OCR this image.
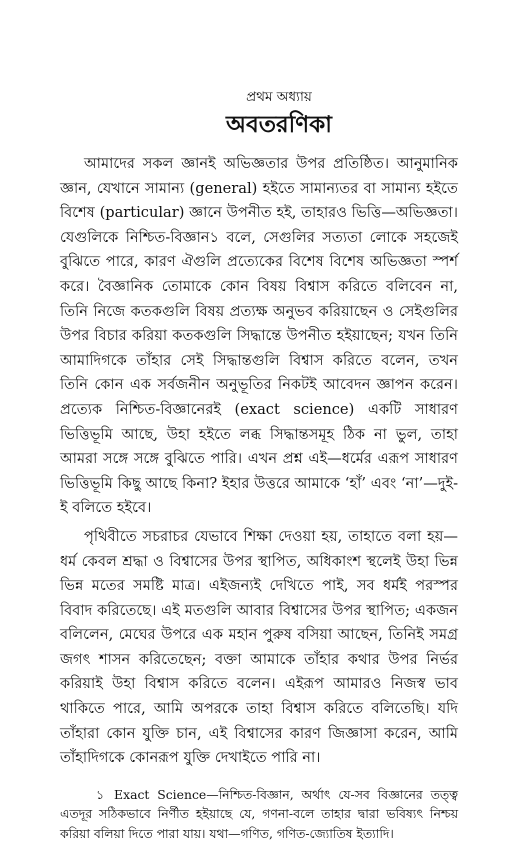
প্রথম অধ্যায়
অবতরণিকা

আমাদের সকল জ্ঞানই অভিজ্ঞতার উপর প্রতিষ্ঠিত। আনুমানিক জ্ঞান, যেখানে সামান্য (general) হইতে সামান্যতর বা সামান্য হইতে বিশেষ (particular) জ্ঞানে উপনীত হই, তাহারও ভিত্তি—অভিজ্ঞতা। যেগুলিকে নিশ্চিত-বিজ্ঞান১ বলে, সেগুলির সত্যতা লোকে সহজেই বুঝিতে পারে, কারণ ঐগুলি প্রত্যেকের বিশেষ বিশেষ অভিজ্ঞতা স্পর্শ করে। বৈজ্ঞানিক তোমাকে কোন বিষয় বিশ্বাস করিতে বলিবেন না, তিনি নিজে কতকগুলি বিষয় প্রত্যক্ষ অনুভব করিয়াছেন ও সেইগুলির উপর বিচার করিয়া কতকগুলি সিদ্ধান্তে উপনীত হইয়াছেন; যখন তিনি আমাদিগকে তাঁহার সেই সিদ্ধান্তগুলি বিশ্বাস করিতে বলেন, তখন তিনি কোন এক সর্বজনীন অনুভূতির নিকটই আবেদন জ্ঞাপন করেন। প্রত্যেক নিশ্চিত-বিজ্ঞানেরই (exact science) একটি সাধারণ ভিত্তিভূমি আছে, উহা হইতে লব্ধ সিদ্ধান্তসমূহ ঠিক না ভুল, তাহা আমরা সঙ্গে সঙ্গে বুঝিতে পারি। এখন প্রশ্ন এই—ধর্মের এরূপ সাধারণ ভিত্তিভূমি কিছু আছে কিনা? ইহার উত্তরে আমাকে ‘হাঁ’ এবং ‘না’—দুই-ই বলিতে হইবে।

পৃথিবীতে সচরাচর যেভাবে শিক্ষা দেওয়া হয়, তাহাতে বলা হয়—ধর্ম কেবল শ্রদ্ধা ও বিশ্বাসের উপর স্থাপিত, অধিকাংশ স্থলেই উহা ভিন্ন ভিন্ন মতের সমষ্টি মাত্র। এইজন্যই দেখিতে পাই, সব ধর্মই পরস্পর বিবাদ করিতেছে। এই মতগুলি আবার বিশ্বাসের উপর স্থাপিত; একজন বলিলেন, মেঘের উপরে এক মহান পুরুষ বসিয়া আছেন, তিনিই সমগ্র জগৎ শাসন করিতেছেন; বক্তা আমাকে তাঁহার কথার উপর নির্ভর করিয়াই উহা বিশ্বাস করিতে বলেন। এইরূপ আমারও নিজস্ব ভাব থাকিতে পারে, আমি অপরকে তাহা বিশ্বাস করিতে বলিতেছি। যদি তাঁহারা কোন যুক্তি চান, এই বিশ্বাসের কারণ জিজ্ঞাসা করেন, আমি তাঁহাদিগকে কোনরূপ যুক্তি দেখাইতে পারি না।

১ Exact Science—নিশ্চিত-বিজ্ঞান, অর্থাৎ যে-সব বিজ্ঞানের তত্ত্ব এতদূর সঠিকভাবে নির্ণীত হইয়াছে যে, গণনা-বলে তাহার দ্বারা ভবিষ্যৎ নিশ্চয় করিয়া বলিয়া দিতে পারা যায়। যথা—গণিত, গণিত-জ্যোতিষ ইত্যাদি।
